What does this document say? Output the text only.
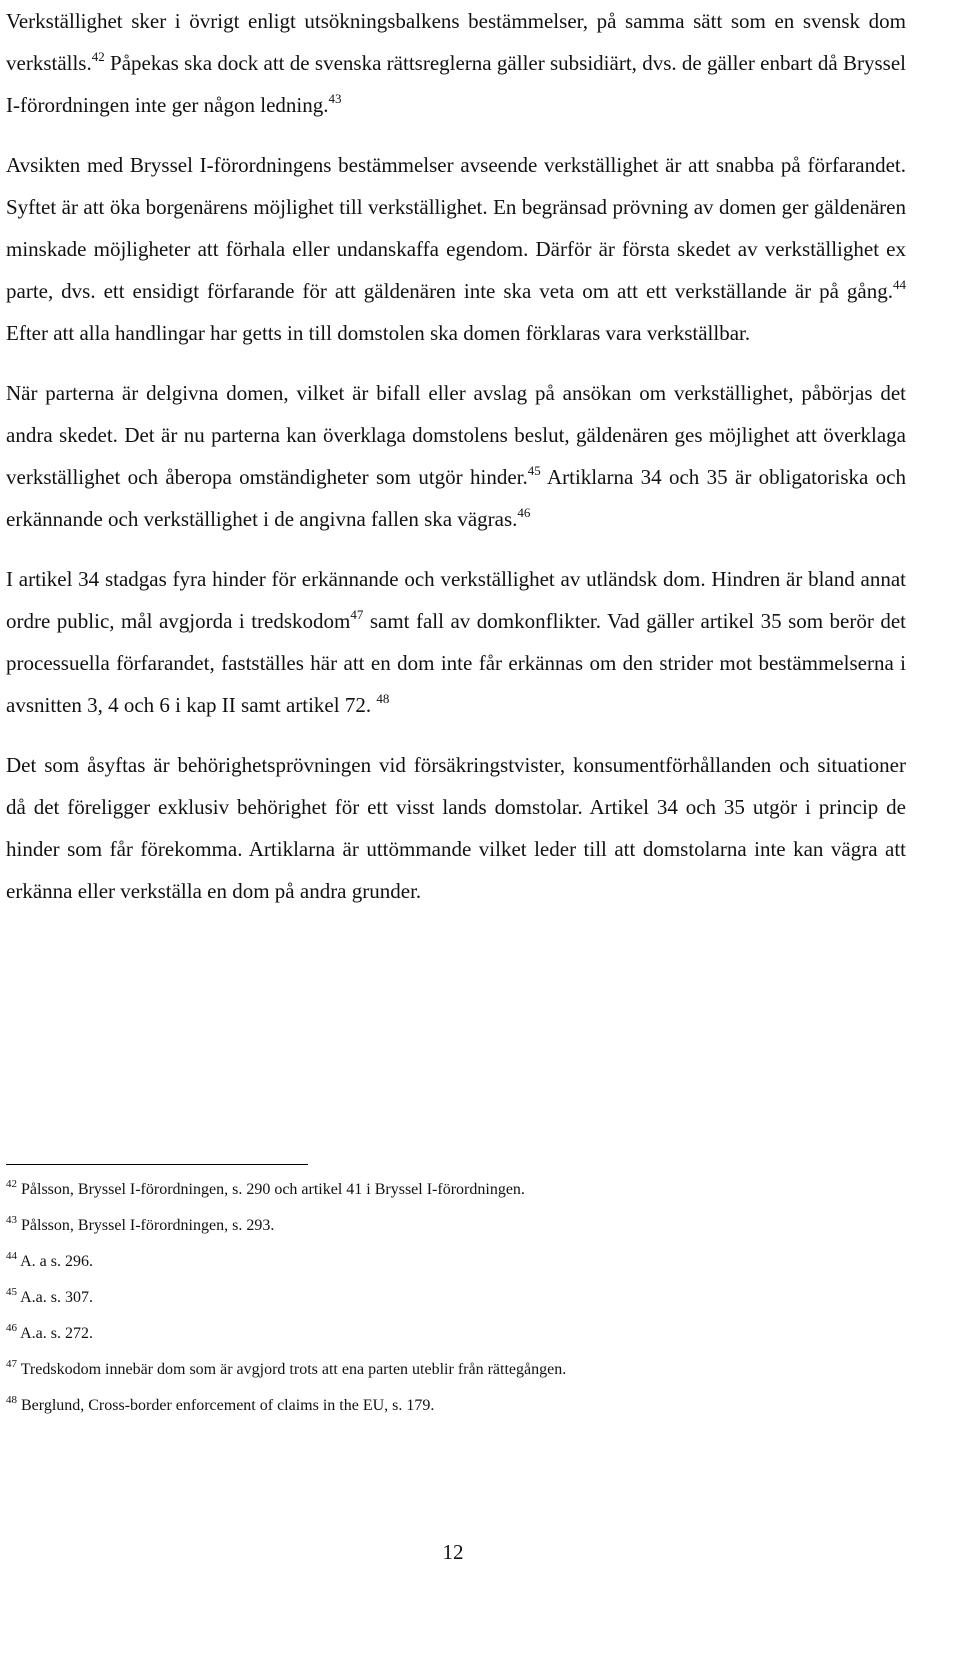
Verkställighet sker i övrigt enligt utsökningsbalkens bestämmelser, på samma sätt som en svensk dom verkställs.$^{42}$ Påpekas ska dock att de svenska rättsreglerna gäller subsidiärt, dvs. de gäller enbart då Bryssel I-förordningen inte ger någon ledning.$^{43}$

Avsikten med Bryssel I-förordningens bestämmelser avseende verkställighet är att snabba på förfarandet. Syftet är att öka borgenärens möjlighet till verkställighet. En begränsad prövning av domen ger gäldenären minskade möjligheter att förhala eller undanskaffa egendom. Därför är första skedet av verkställighet ex parte, dvs. ett ensidigt förfarande för att gäldenären inte ska veta om att ett verkställande är på gång.$^{44}$ Efter att alla handlingar har getts in till domstolen ska domen förklaras vara verkställbar.

När parterna är delgivna domen, vilket är bifall eller avslag på ansökan om verkställighet, påbörjas det andra skedet. Det är nu parterna kan överklaga domstolens beslut, gäldenären ges möjlighet att överklaga verkställighet och åberopa omständigheter som utgör hinder.$^{45}$ Artiklarna 34 och 35 är obligatoriska och erkännande och verkställighet i de angivna fallen ska vägras.$^{46}$

I artikel 34 stadgas fyra hinder för erkännande och verkställighet av utländsk dom. Hindren är bland annat ordre public, mål avgjorda i tredskodom$^{47}$ samt fall av domkonflikter. Vad gäller artikel 35 som berör det processuella förfarandet, fastställes här att en dom inte får erkännas om den strider mot bestämmelserna i avsnitten 3, 4 och 6 i kap II samt artikel 72. $^{48}$

Det som åsyftas är behörighetsprövningen vid försäkringstvister, konsumentförhållanden och situationer då det föreligger exklusiv behörighet för ett visst lands domstolar. Artikel 34 och 35 utgör i princip de hinder som får förekomma. Artiklarna är uttömmande vilket leder till att domstolarna inte kan vägra att erkänna eller verkställa en dom på andra grunder.

$^{42}$ Pålsson, Bryssel I-förordningen, s. 290 och artikel 41 i Bryssel I-förordningen.

$^{43}$ Pålsson, Bryssel I-förordningen, s. 293.

$^{44}$ A. a s. 296.

$^{45}$ A.a. s. 307.

$^{46}$ A.a. s. 272.

$^{47}$ Tredskodom innebär dom som är avgjord trots att ena parten uteblir från rättegången.

$^{48}$ Berglund, Cross-border enforcement of claims in the EU, s. 179.

12
